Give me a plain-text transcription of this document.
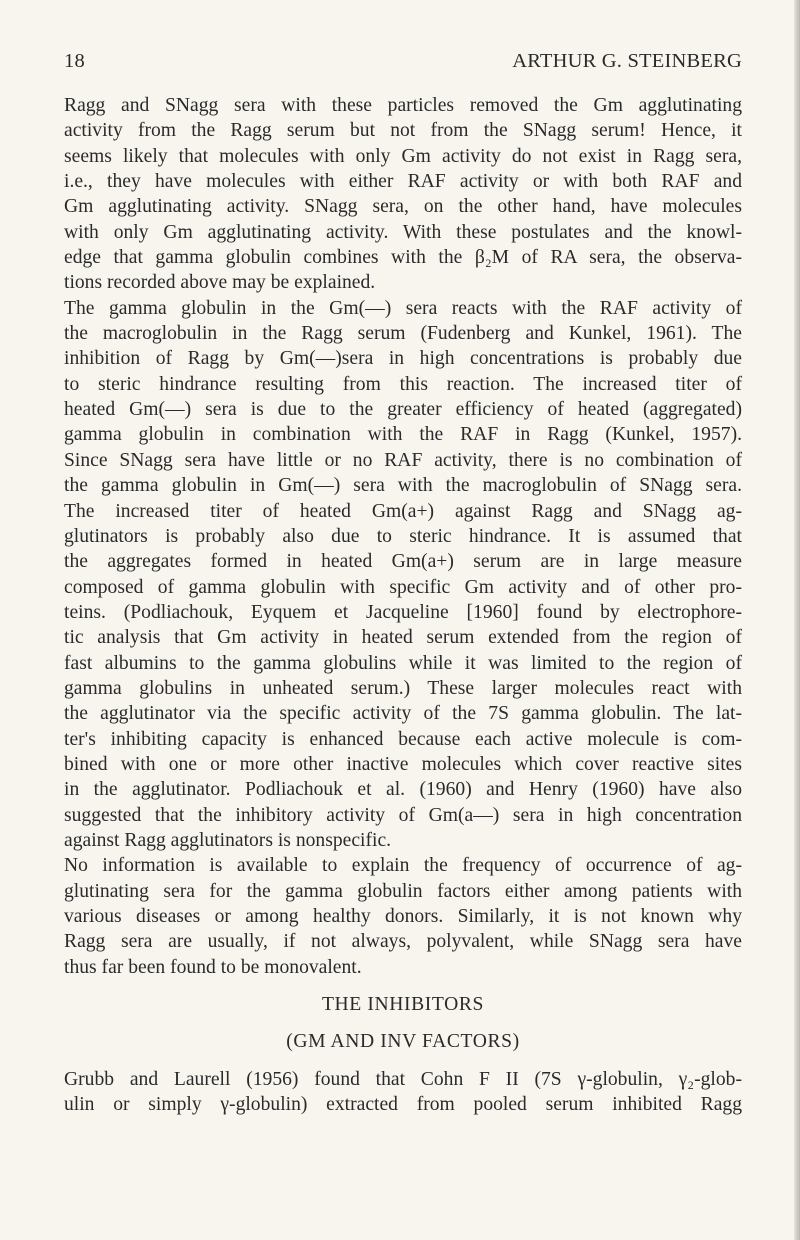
18	ARTHUR G. STEINBERG
Ragg and SNagg sera with these particles removed the Gm agglutinating
activity from the Ragg serum but not from the SNagg serum! Hence, it
seems likely that molecules with only Gm activity do not exist in Ragg sera,
i.e., they have molecules with either RAF activity or with both RAF and
Gm agglutinating activity. SNagg sera, on the other hand, have molecules
with only Gm agglutinating activity. With these postulates and the knowl-
edge that gamma globulin combines with the β₂M of RA sera, the observa-
tions recorded above may be explained.
The gamma globulin in the Gm(—) sera reacts with the RAF activity of
the macroglobulin in the Ragg serum (Fudenberg and Kunkel, 1961). The
inhibition of Ragg by Gm(—)sera in high concentrations is probably due
to steric hindrance resulting from this reaction. The increased titer of
heated Gm(—) sera is due to the greater efficiency of heated (aggregated)
gamma globulin in combination with the RAF in Ragg (Kunkel, 1957).
Since SNagg sera have little or no RAF activity, there is no combination of
the gamma globulin in Gm(—) sera with the macroglobulin of SNagg sera.
The increased titer of heated Gm(a+) against Ragg and SNagg ag-
glutinators is probably also due to steric hindrance. It is assumed that
the aggregates formed in heated Gm(a+) serum are in large measure
composed of gamma globulin with specific Gm activity and of other pro-
teins. (Podliachouk, Eyquem et Jacqueline [1960] found by electrophore-
tic analysis that Gm activity in heated serum extended from the region of
fast albumins to the gamma globulins while it was limited to the region of
gamma globulins in unheated serum.) These larger molecules react with
the agglutinator via the specific activity of the 7S gamma globulin. The lat-
ter's inhibiting capacity is enhanced because each active molecule is com-
bined with one or more other inactive molecules which cover reactive sites
in the agglutinator. Podliachouk et al. (1960) and Henry (1960) have also
suggested that the inhibitory activity of Gm(a—) sera in high concentration
against Ragg agglutinators is nonspecific.
No information is available to explain the frequency of occurrence of ag-
glutinating sera for the gamma globulin factors either among patients with
various diseases or among healthy donors. Similarly, it is not known why
Ragg sera are usually, if not always, polyvalent, while SNagg sera have
thus far been found to be monovalent.
THE INHIBITORS
(GM AND INV FACTORS)
Grubb and Laurell (1956) found that Cohn F II (7S γ-globulin, γ₂-glob-
ulin or simply γ-globulin) extracted from pooled serum inhibited Ragg
